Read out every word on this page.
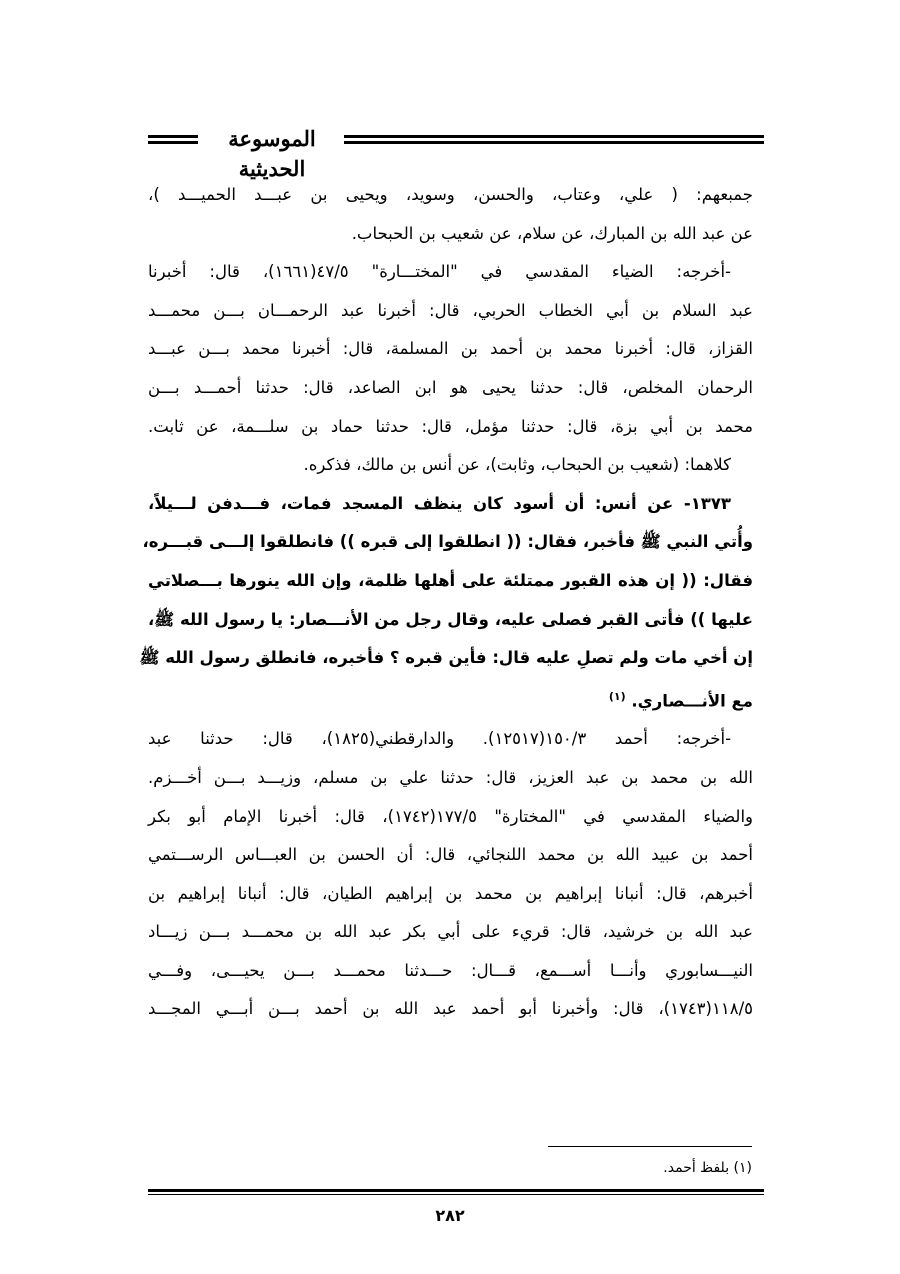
الموسوعة الحديثية
جمبعهم: ( علي، وعتاب، والحسن، وسويد، ويحيى بن عبـــد الحميـــد )،
عن عبد الله بن المبارك، عن سلام، عن شعيب بن الحبحاب.
-أخرجه: الضياء المقدسي في "المختـــارة" ٤٧/٥(١٦٦١)، قال: أخبرنا
عبد السلام بن أبي الخطاب الحربي، قال: أخبرنا عبد الرحمـــان بـــن محمـــد
القزاز، قال: أخبرنا محمد بن أحمد بن المسلمة، قال: أخبرنا محمد بـــن عبـــد
الرحمان المخلص، قال: حدثنا يحيى هو ابن الصاعد، قال: حدثنا أحمـــد بـــن
محمد بن أبي بزة، قال: حدثنا مؤمل، قال: حدثنا حماد بن سلـــمة، عن ثابت.
كلاهما: (شعيب بن الحبحاب، وثابت)، عن أنس بن مالك، فذكره.
١٣٧٣- عن أنس: أن أسود كان ينظف المسجد فمات، فـــدفن لـــيلاً،
وأُتي النبي ﷺ فأخبر، فقال: (( انطلقوا إلى قبره )) فانطلقوا إلـــى قبـــره،
فقال: (( إن هذه القبور ممتلئة على أهلها ظلمة، وإن الله ينورها بـــصلاتي
عليها )) فأتى القبر فصلى عليه، وقال رجل من الأنـــصار: يا رسول الله ﷺ،
إن أخي مات ولم تصلِ عليه قال: فأين قبره ؟ فأخبره، فانطلق رسول الله ﷺ
مع الأنـــصاري. $^{(١)}$
-أخرجه: أحمد ١٥٠/٣(١٢٥١٧). والدارقطني(١٨٢٥)، قال: حدثنا عبد
الله بن محمد بن عبد العزيز، قال: حدثنا علي بن مسلم، وزيـــد بـــن أخـــزم.
والضياء المقدسي في "المختارة" ١٧٧/٥(١٧٤٢)، قال: أخبرنا الإمام أبو بكر
أحمد بن عبيد الله بن محمد اللنجائي، قال: أن الحسن بن العبـــاس الرســـتمي
أخبرهم، قال: أنبانا إبراهيم بن محمد بن إبراهيم الطيان، قال: أنبانا إبراهيم بن
عبد الله بن خرشيد، قال: قريء على أبي بكر عبد الله بن محمـــد بـــن زيـــاد
النيـــسابوري وأنـــا أســـمع، قـــال: حـــدثنا محمـــد بـــن يحيـــى، وفـــي
١١٨/٥(١٧٤٣)، قال: وأخبرنا أبو أحمد عبد الله بن أحمد بـــن أبـــي المجـــد
(١) بلفظ أحمد.
٢٨٢
